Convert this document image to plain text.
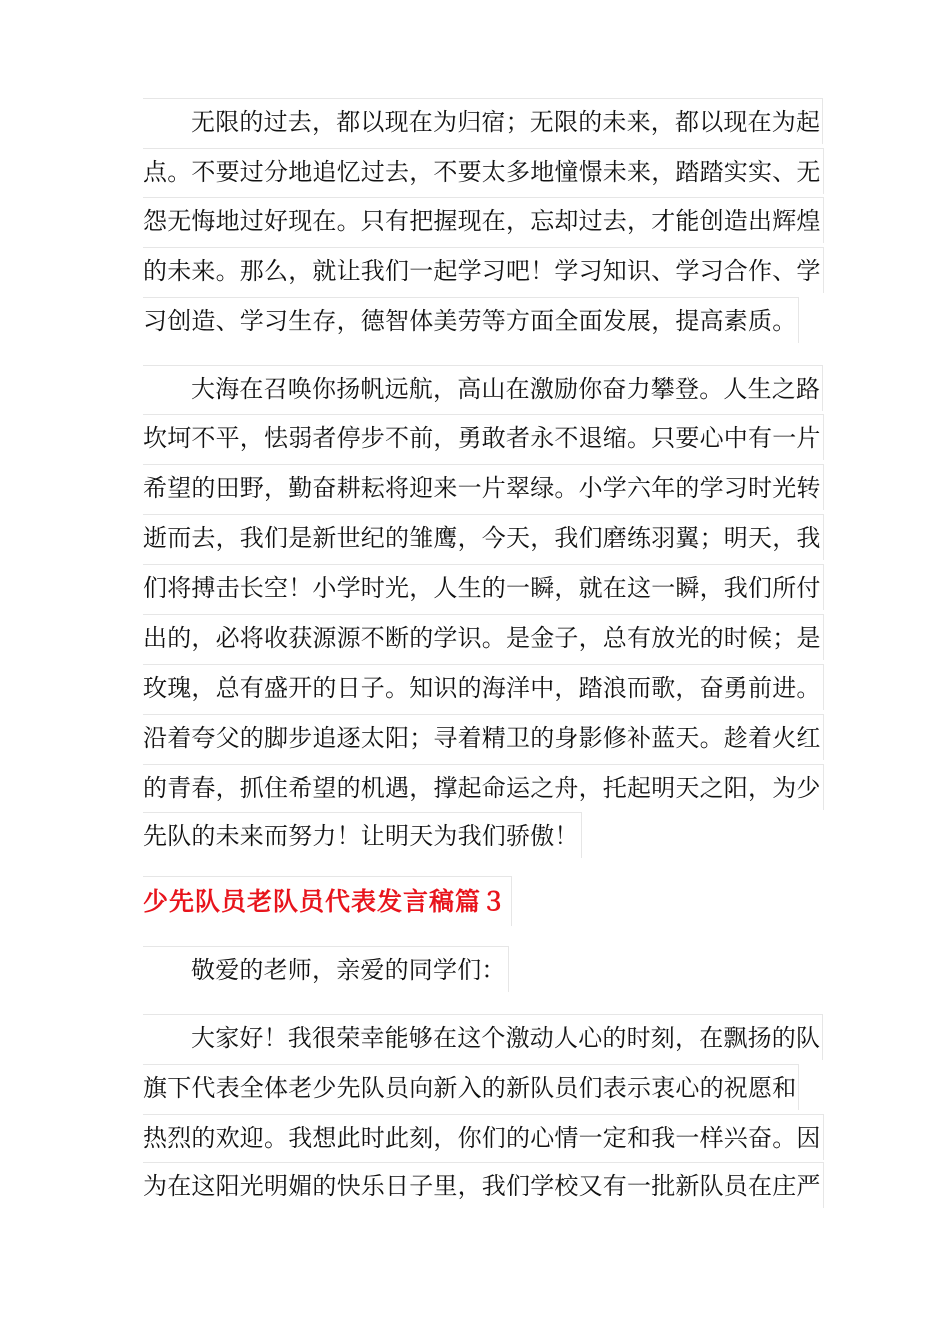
无限的过去，都以现在为归宿；无限的未来，都以现在为起
点。不要过分地追忆过去，不要太多地憧憬未来，踏踏实实、无
怨无悔地过好现在。只有把握现在，忘却过去，才能创造出辉煌
的未来。那么，就让我们一起学习吧！学习知识、学习合作、学
习创造、学习生存，德智体美劳等方面全面发展，提高素质。
大海在召唤你扬帆远航，高山在激励你奋力攀登。人生之路
坎坷不平，怯弱者停步不前，勇敢者永不退缩。只要心中有一片
希望的田野，勤奋耕耘将迎来一片翠绿。小学六年的学习时光转
逝而去，我们是新世纪的雏鹰，今天，我们磨练羽翼；明天，我
们将搏击长空！小学时光，人生的一瞬，就在这一瞬，我们所付
出的，必将收获源源不断的学识。是金子，总有放光的时候；是
玫瑰，总有盛开的日子。知识的海洋中，踏浪而歌，奋勇前进。
沿着夸父的脚步追逐太阳；寻着精卫的身影修补蓝天。趁着火红
的青春，抓住希望的机遇，撑起命运之舟，托起明天之阳，为少
先队的未来而努力！让明天为我们骄傲！
少先队员老队员代表发言稿篇３
敬爱的老师，亲爱的同学们：
大家好！我很荣幸能够在这个激动人心的时刻，在飘扬的队
旗下代表全体老少先队员向新入的新队员们表示衷心的祝愿和
热烈的欢迎。我想此时此刻，你们的心情一定和我一样兴奋。因
为在这阳光明媚的快乐日子里，我们学校又有一批新队员在庄严
